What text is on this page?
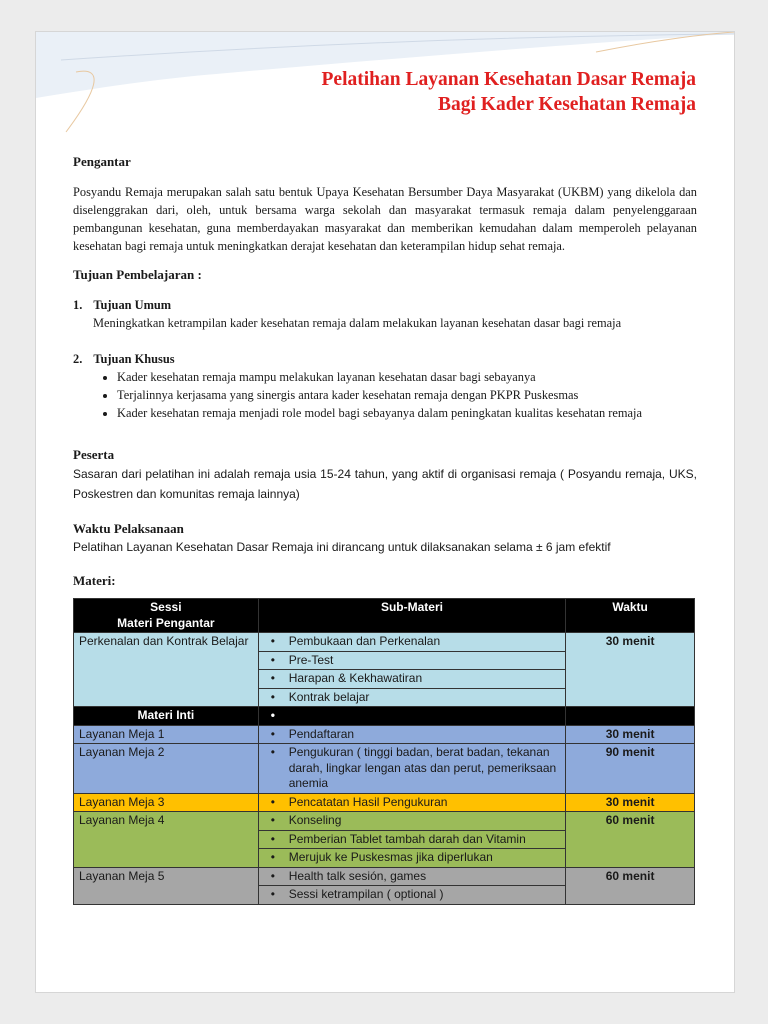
Pelatihan Layanan Kesehatan Dasar Remaja
Bagi Kader Kesehatan Remaja
Pengantar
Posyandu Remaja merupakan salah satu bentuk Upaya Kesehatan Bersumber Daya Masyarakat (UKBM) yang dikelola dan diselenggrakan dari, oleh, untuk bersama warga sekolah dan masyarakat termasuk remaja dalam penyelenggaraan pembangunan kesehatan, guna memberdayakan masyarakat dan memberikan kemudahan dalam memperoleh pelayanan kesehatan bagi remaja untuk meningkatkan derajat kesehatan dan keterampilan hidup sehat remaja.
Tujuan Pembelajaran :
1. Tujuan Umum
Meningkatkan ketrampilan kader kesehatan remaja dalam melakukan layanan kesehatan dasar bagi remaja
2. Tujuan Khusus
• Kader kesehatan remaja mampu melakukan layanan kesehatan dasar bagi sebayanya
• Terjalinnya kerjasama yang sinergis antara kader kesehatan remaja dengan PKPR Puskesmas
• Kader kesehatan remaja menjadi role model bagi sebayanya dalam peningkatan kualitas kesehatan remaja
Peserta
Sasaran dari pelatihan ini adalah remaja usia 15-24 tahun, yang aktif di organisasi remaja ( Posyandu remaja, UKS, Poskestren dan komunitas remaja lainnya)
Waktu Pelaksanaan
Pelatihan Layanan Kesehatan Dasar Remaja ini dirancang untuk dilaksanakan selama ± 6 jam efektif
Materi:
Sessi
Materi Pengantar	Sub-Materi	Waktu
Perkenalan dan Kontrak Belajar	• Pembukaan dan Perkenalan	30 menit
	• Pre-Test
	• Harapan & Kekhawatiran
	• Kontrak belajar
Materi Inti	•	
Layanan Meja 1	• Pendaftaran	30 menit
Layanan Meja 2	• Pengukuran ( tinggi badan, berat badan, tekanan darah, lingkar lengan atas dan perut, pemeriksaan anemia	90 menit
Layanan Meja 3	• Pencatatan Hasil Pengukuran	30 menit
Layanan Meja 4	• Konseling	60 menit
	• Pemberian Tablet tambah darah dan Vitamin
	• Merujuk ke Puskesmas jika diperlukan
Layanan Meja 5	• Health talk sesión, games	60 menit
	• Sessi ketrampilan ( optional )
